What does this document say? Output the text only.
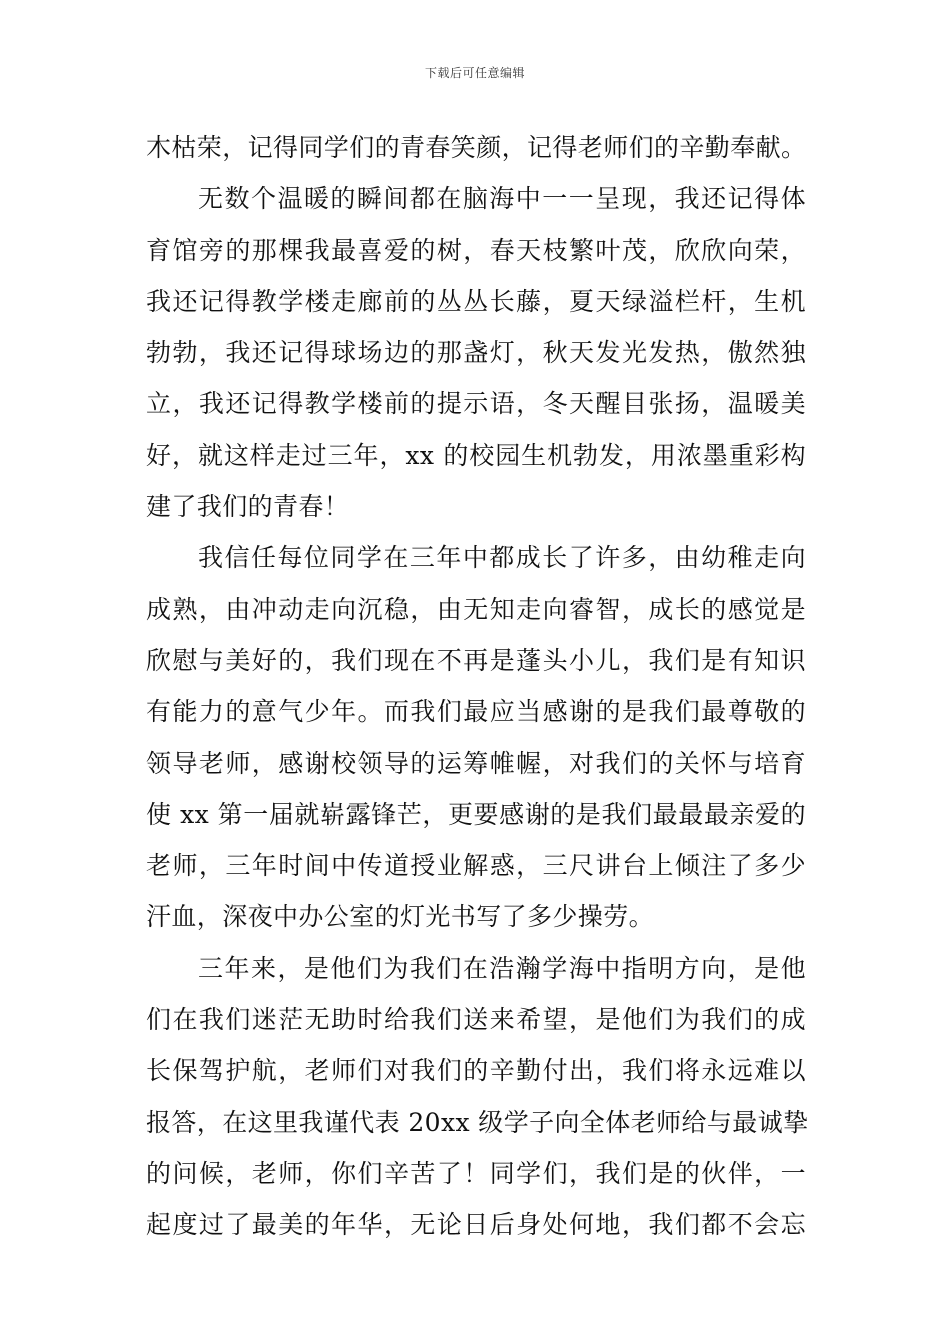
下载后可任意编辑
木枯荣，记得同学们的青春笑颜，记得老师们的辛勤奉献。
无数个温暖的瞬间都在脑海中一一呈现，我还记得体
育馆旁的那棵我最喜爱的树，春天枝繁叶茂，欣欣向荣，
我还记得教学楼走廊前的丛丛长藤，夏天绿溢栏杆，生机
勃勃，我还记得球场边的那盏灯，秋天发光发热，傲然独
立，我还记得教学楼前的提示语，冬天醒目张扬，温暖美
好，就这样走过三年，xx 的校园生机勃发，用浓墨重彩构
建了我们的青春！
我信任每位同学在三年中都成长了许多，由幼稚走向
成熟，由冲动走向沉稳，由无知走向睿智，成长的感觉是
欣慰与美好的，我们现在不再是蓬头小儿，我们是有知识
有能力的意气少年。而我们最应当感谢的是我们最尊敬的
领导老师，感谢校领导的运筹帷幄，对我们的关怀与培育
使 xx 第一届就崭露锋芒，更要感谢的是我们最最最亲爱的
老师，三年时间中传道授业解惑，三尺讲台上倾注了多少
汗血，深夜中办公室的灯光书写了多少操劳。
三年来，是他们为我们在浩瀚学海中指明方向，是他
们在我们迷茫无助时给我们送来希望，是他们为我们的成
长保驾护航，老师们对我们的辛勤付出，我们将永远难以
报答，在这里我谨代表 20xx 级学子向全体老师给与最诚挚
的问候，老师，你们辛苦了！同学们，我们是的伙伴，一
起度过了最美的年华，无论日后身处何地，我们都不会忘
